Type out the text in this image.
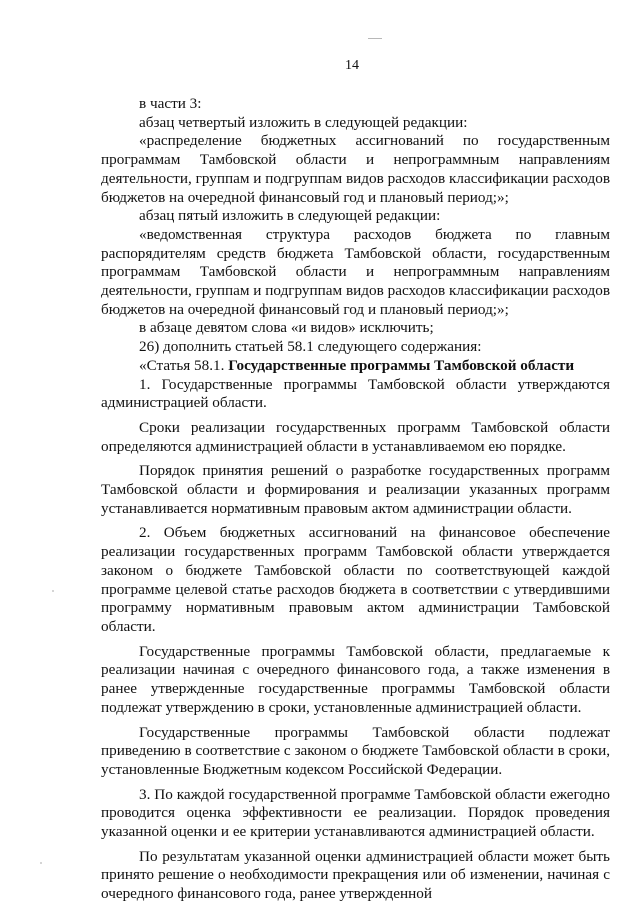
14

в части 3:

абзац четвертый изложить в следующей редакции:

«распределение бюджетных ассигнований по государственным программам Тамбовской области и непрограммным направлениям деятельности, группам и подгруппам видов расходов классификации расходов бюджетов на очередной финансовый год и плановый период;»;

абзац пятый изложить в следующей редакции:

«ведомственная структура расходов бюджета по главным распорядителям средств бюджета Тамбовской области, государственным программам Тамбовской области и непрограммным направлениям деятельности, группам и подгруппам видов расходов классификации расходов бюджетов на очередной финансовый год и плановый период;»;

в абзаце девятом слова «и видов» исключить;

26) дополнить статьей 58.1 следующего содержания:

«Статья 58.1. Государственные программы Тамбовской области

1. Государственные программы Тамбовской области утверждаются администрацией области.

Сроки реализации государственных программ Тамбовской области определяются администрацией области в устанавливаемом ею порядке.

Порядок принятия решений о разработке государственных программ Тамбовской области и формирования и реализации указанных программ устанавливается нормативным правовым актом администрации области.

2. Объем бюджетных ассигнований на финансовое обеспечение реализации государственных программ Тамбовской области утверждается законом о бюджете Тамбовской области по соответствующей каждой программе целевой статье расходов бюджета в соответствии с утвердившими программу нормативным правовым актом администрации Тамбовской области.

Государственные программы Тамбовской области, предлагаемые к реализации начиная с очередного финансового года, а также изменения в ранее утвержденные государственные программы Тамбовской области подлежат утверждению в сроки, установленные администрацией области.

Государственные программы Тамбовской области подлежат приведению в соответствие с законом о бюджете Тамбовской области в сроки, установленные Бюджетным кодексом Российской Федерации.

3. По каждой государственной программе Тамбовской области ежегодно проводится оценка эффективности ее реализации. Порядок проведения указанной оценки и ее критерии устанавливаются администрацией области.

По результатам указанной оценки администрацией области может быть принято решение о необходимости прекращения или об изменении, начиная с очередного финансового года, ранее утвержденной
